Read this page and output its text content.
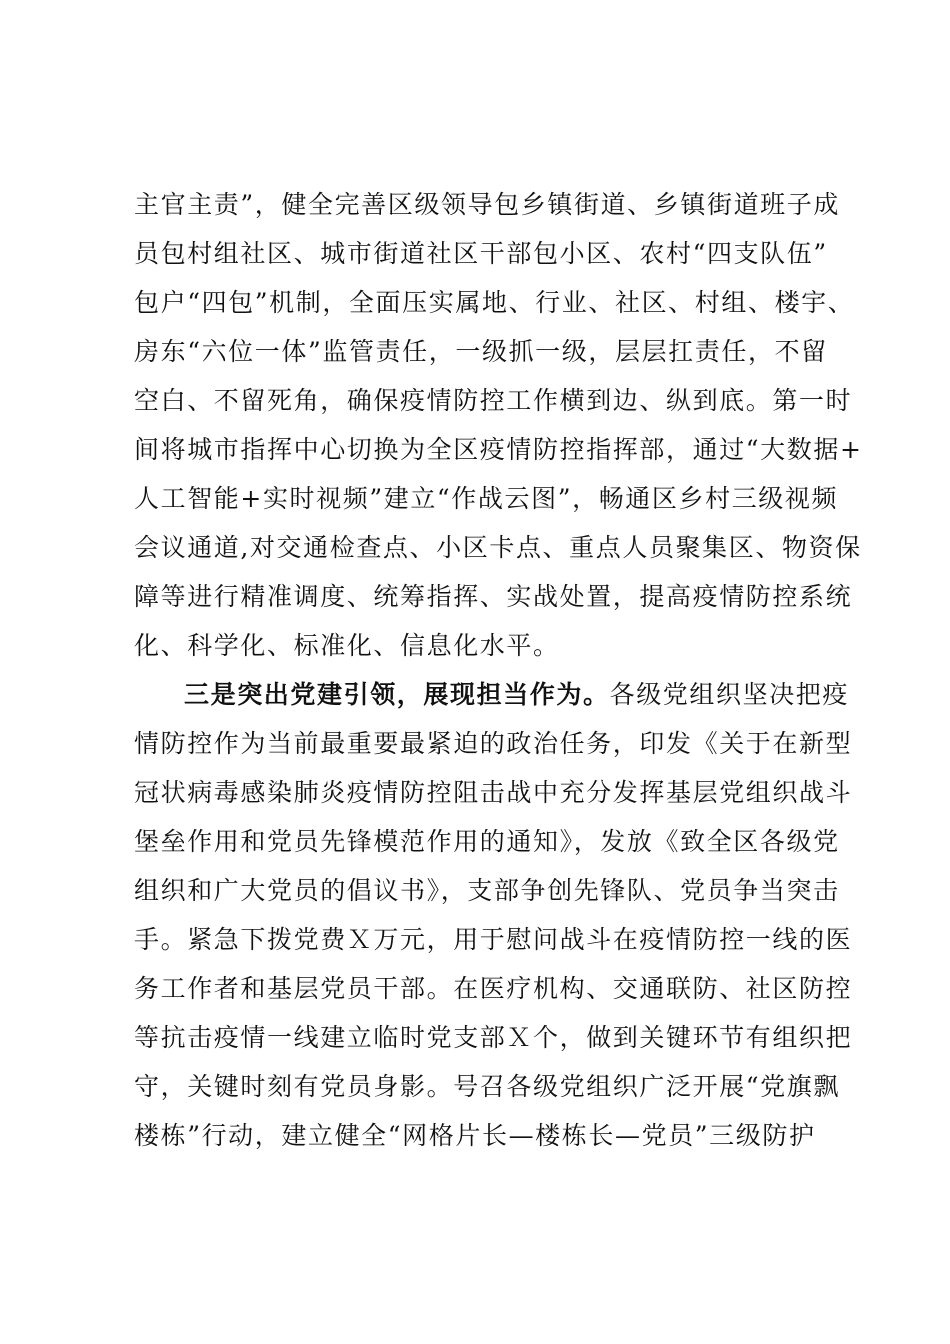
主官主责”，健全完善区级领导包乡镇街道、乡镇街道班子成
员包村组社区、城市街道社区干部包小区、农村“四支队伍”
包户“四包”机制，全面压实属地、行业、社区、村组、楼宇、
房东“六位一体”监管责任，一级抓一级，层层扛责任，不留
空白、不留死角，确保疫情防控工作横到边、纵到底。第一时
间将城市指挥中心切换为全区疫情防控指挥部，通过“大数据+
人工智能+实时视频”建立“作战云图”，畅通区乡村三级视频
会议通道,对交通检查点、小区卡点、重点人员聚集区、物资保
障等进行精准调度、统筹指挥、实战处置，提高疫情防控系统
化、科学化、标准化、信息化水平。
三是突出党建引领，展现担当作为。各级党组织坚决把疫
情防控作为当前最重要最紧迫的政治任务，印发《关于在新型
冠状病毒感染肺炎疫情防控阻击战中充分发挥基层党组织战斗
堡垒作用和党员先锋模范作用的通知》，发放《致全区各级党
组织和广大党员的倡议书》，支部争创先锋队、党员争当突击
手。紧急下拨党费Ｘ万元，用于慰问战斗在疫情防控一线的医
务工作者和基层党员干部。在医疗机构、交通联防、社区防控
等抗击疫情一线建立临时党支部Ｘ个，做到关键环节有组织把
守，关键时刻有党员身影。号召各级党组织广泛开展“党旗飘
楼栋”行动，建立健全“网格片长—楼栋长—党员”三级防护
